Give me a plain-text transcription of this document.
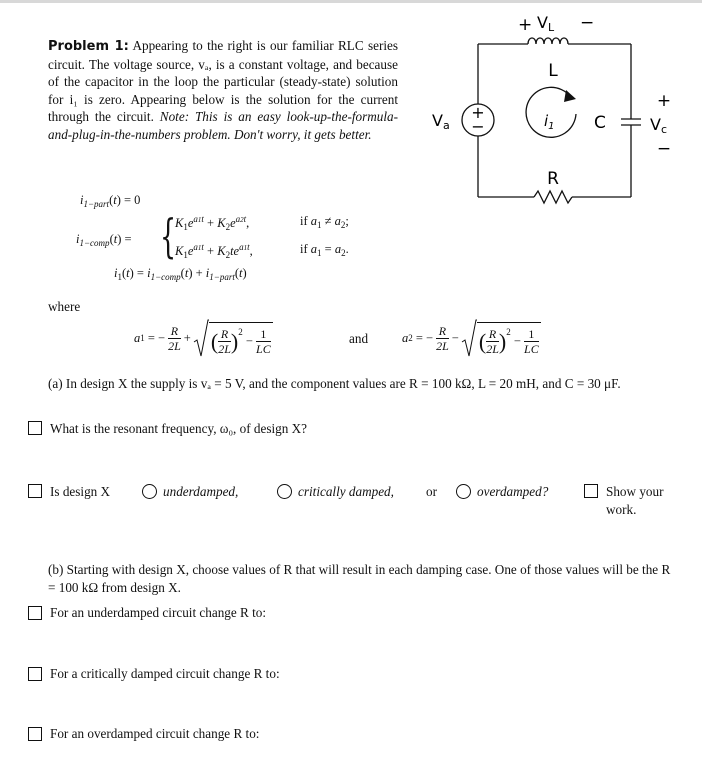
Problem 1: Appearing to the right is our familiar RLC series circuit. The voltage source, vₐ, is a constant voltage, and because of the capacitor in the loop the particular (steady-state) solution for i₁ is zero. Appearing below is the solution for the current through the circuit. Note: This is an easy look-up-the-formula-and-plug-in-the-numbers problem. Don't worry, it gets better.
+
−
Va
+ VL −
L
$i_1$ C
+
Vc
−
R
$i_{1-part}(t) = 0$
$i_{1-comp}(t)$ = {
$K_1e^{a1t} + K_2e^{a2t}$,	if $a_1 \ne a_2$;
$K_1e^{a1t} + K_2te^{a1t}$,	if $a_1 = a_2$.
$i_1(t) = i_{1-comp}(t) + i_{1-part}(t)$
where
a 1
= − $\frac{R}{2L}$ + ( $\frac{R}{2L}$ ) 2

−
$\frac{1}{LC}$	and	a 2
= − $\frac{R}{2L}$ − ( $\frac{R}{2L}$ ) 2

−
$\frac{1}{LC}$
(a) In design X the supply is vₐ = 5 V, and the component values are R = 100 kΩ, L = 20 mH, and C = 30 μF.
What is the resonant frequency, ω₀, of design X?
Is design X	underdamped,	critically damped, or	overdamped?	Show your work.
(b) Starting with design X, choose values of R that will result in each damping case. One of those values will be the R = 100 kΩ from design X.
For an underdamped circuit change R to:
For a critically damped circuit change R to:
For an overdamped circuit change R to:
